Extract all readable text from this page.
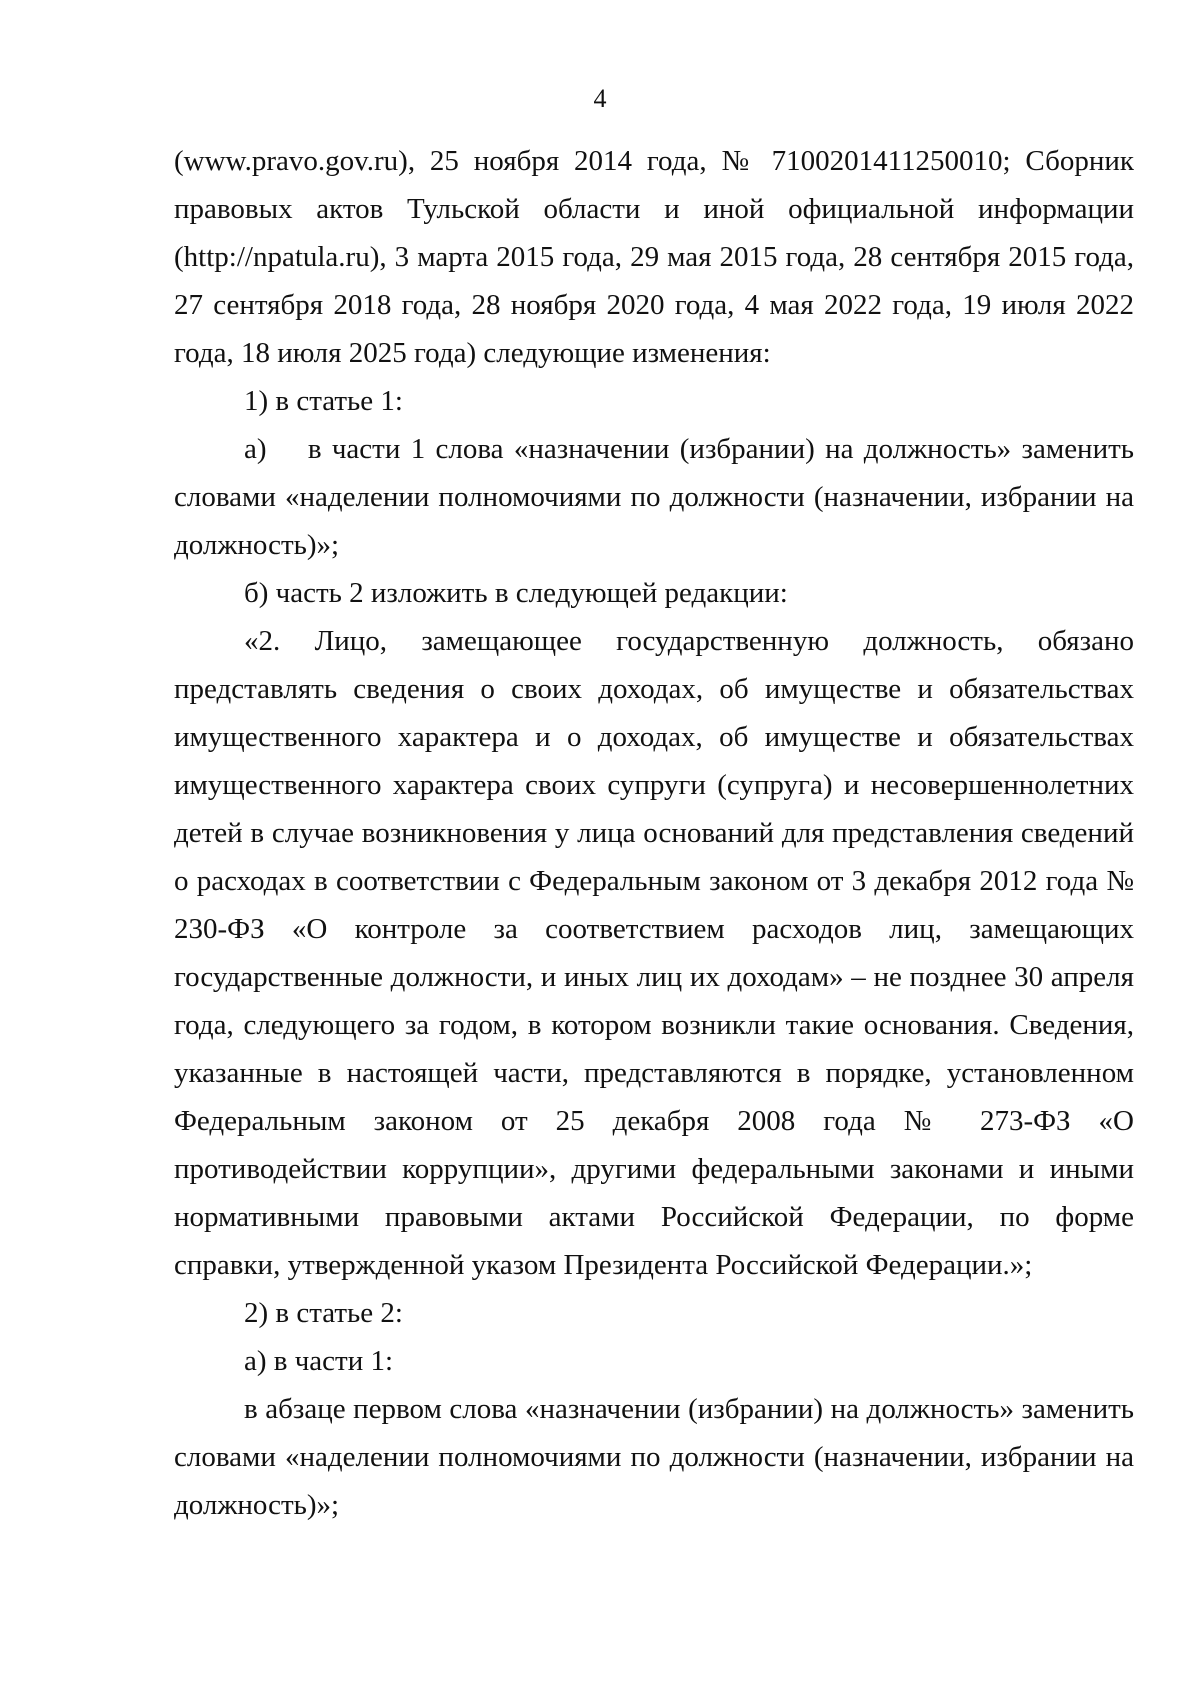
4

(www.pravo.gov.ru), 25 ноября 2014 года, № 7100201411250010; Сборник правовых актов Тульской области и иной официальной информации (http://npatula.ru), 3 марта 2015 года, 29 мая 2015 года, 28 сентября 2015 года, 27 сентября 2018 года, 28 ноября 2020 года, 4 мая 2022 года, 19 июля 2022 года, 18 июля 2025 года) следующие изменения:

1) в статье 1:

а)    в части 1 слова «назначении (избрании) на должность» заменить словами «наделении полномочиями по должности (назначении, избрании на должность)»;

б) часть 2 изложить в следующей редакции:

«2. Лицо, замещающее государственную должность, обязано представлять сведения о своих доходах, об имуществе и обязательствах имущественного характера и о доходах, об имуществе и обязательствах имущественного характера своих супруги (супруга) и несовершеннолетних детей в случае возникновения у лица оснований для представления сведений о расходах в соответствии с Федеральным законом от 3 декабря 2012 года № 230-ФЗ «О контроле за соответствием расходов лиц, замещающих государственные должности, и иных лиц их доходам» – не позднее 30 апреля года, следующего за годом, в котором возникли такие основания. Сведения, указанные в настоящей части, представляются в порядке, установленном Федеральным законом от 25 декабря 2008 года № 273-ФЗ «О противодействии коррупции», другими федеральными законами и иными нормативными правовыми актами Российской Федерации, по форме справки, утвержденной указом Президента Российской Федерации.»;

2) в статье 2:

а) в части 1:

в абзаце первом слова «назначении (избрании) на должность» заменить словами «наделении полномочиями по должности (назначении, избрании на должность)»;
